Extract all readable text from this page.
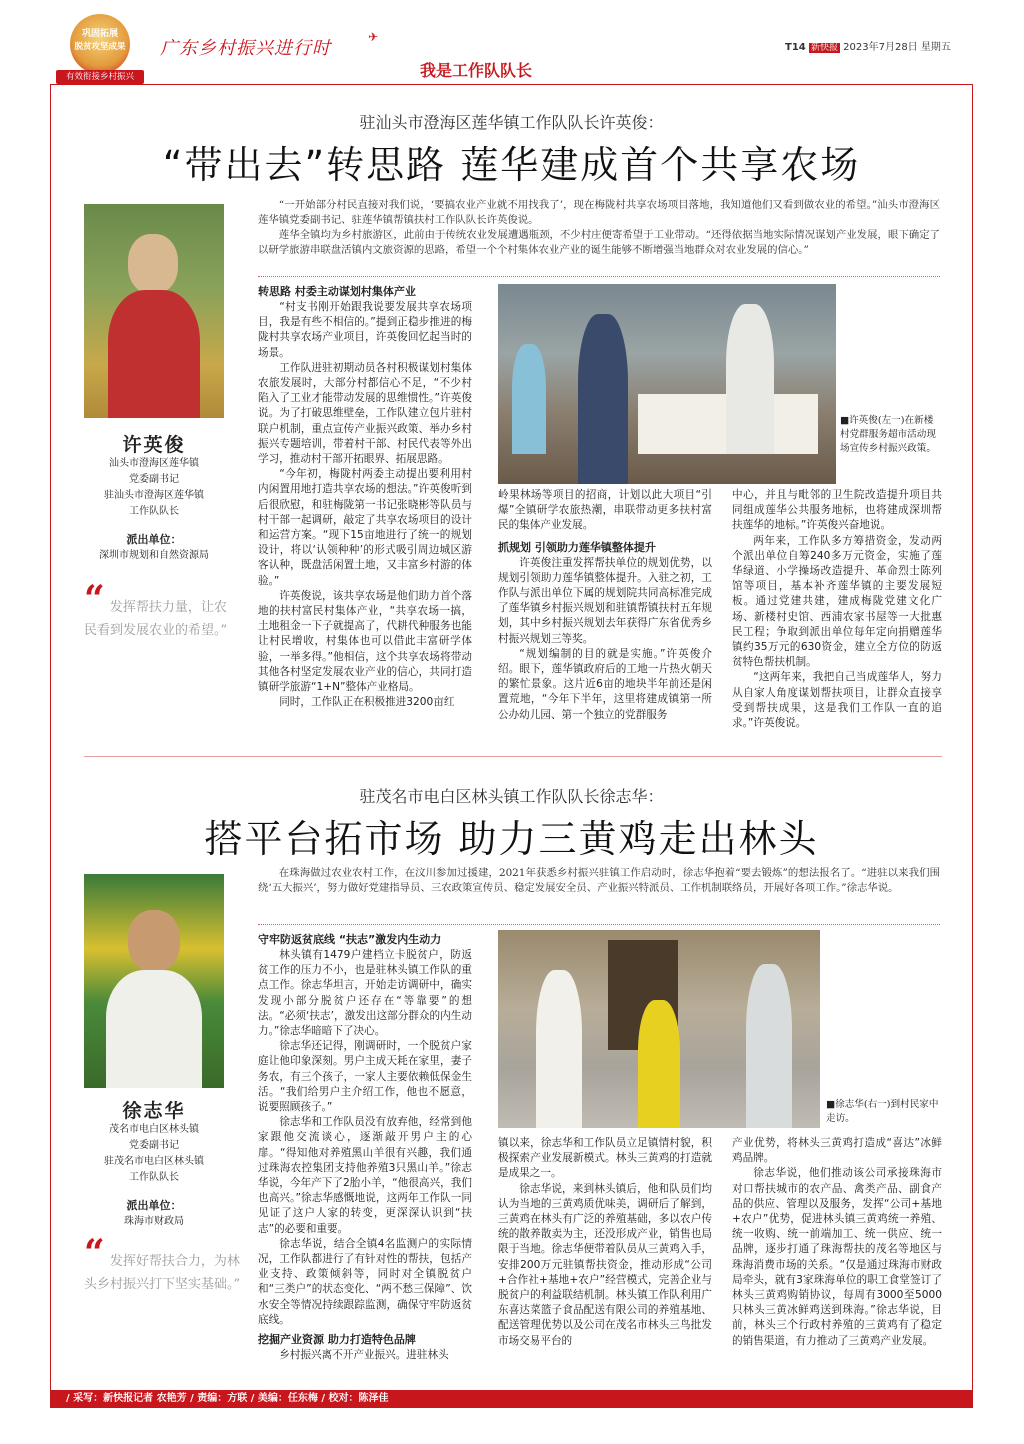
巩固拓展
脱贫攻坚成果
有效衔接乡村振兴
广东乡村振兴进行时
✈
我是工作队队长
T14 新快报 2023年7月28日 星期五
驻汕头市澄海区莲华镇工作队队长许英俊：
“带出去”转思路 莲华建成首个共享农场
许英俊
汕头市澄海区莲华镇
党委副书记
驻汕头市澄海区莲华镇
工作队队长
派出单位：
深圳市规划和自然资源局
“ 发挥帮扶力量，让农民看到发展农业的希望。”

“一开始部分村民直接对我们说，‘要搞农业产业就不用找我了’，现在梅陇村共享农场项目落地，我知道他们又看到做农业的希望。”汕头市澄海区莲华镇党委副书记、驻莲华镇帮镇扶村工作队队长许英俊说。

莲华全镇均为乡村旅游区，此前由于传统农业发展遭遇瓶颈，不少村庄便寄希望于工业带动。“还得依据当地实际情况谋划产业发展，眼下确定了以研学旅游串联盘活镇内文旅资源的思路，希望一个个村集体农业产业的诞生能够不断增强当地群众对农业发展的信心。”

转思路 村委主动谋划村集体产业

“村支书刚开始跟我说要发展共享农场项目，我是有些不相信的。”提到正稳步推进的梅陇村共享农场产业项目，许英俊回忆起当时的场景。

工作队进驻初期动员各村积极谋划村集体农旅发展时，大部分村都信心不足，“不少村陷入了工业才能带动发展的思维惯性。”许英俊说。为了打破思维壁垒，工作队建立包片驻村联户机制，重点宣传产业振兴政策、举办乡村振兴专题培训，带着村干部、村民代表等外出学习，推动村干部开拓眼界、拓展思路。

“今年初，梅陇村两委主动提出要利用村内闲置用地打造共享农场的想法。”许英俊听到后很欣慰，和驻梅陇第一书记张晓彬等队员与村干部一起调研，敲定了共享农场项目的设计和运营方案。“现下15亩地进行了统一的规划设计，将以‘认领种种’的形式吸引周边城区游客认种，既盘活闲置土地，又丰富乡村游的体验。”

许英俊说，该共享农场是他们助力首个落地的扶村富民村集体产业，“共享农场一搞，土地租金一下子就提高了，代耕代种服务也能让村民增收，村集体也可以借此丰富研学体验，一举多得。”他相信，这个共享农场将带动其他各村坚定发展农业产业的信心，共同打造镇研学旅游“1+N”整体产业格局。

同时，工作队正在积极推进3200亩红

■许英俊(左一)在新楼村党群服务超市活动现场宣传乡村振兴政策。

岭果林场等项目的招商，计划以此大项目“引爆”全镇研学农旅热潮，串联带动更多扶村富民的集体产业发展。

抓规划 引领助力莲华镇整体提升

许英俊注重发挥帮扶单位的规划优势，以规划引领助力莲华镇整体提升。入驻之初，工作队与派出单位下属的规划院共同高标准完成了莲华镇乡村振兴规划和驻镇帮镇扶村五年规划，其中乡村振兴规划去年获得广东省优秀乡村振兴规划三等奖。

“规划编制的目的就是实施。”许英俊介绍。眼下，莲华镇政府后的工地一片热火朝天的繁忙景象。这片近6亩的地块半年前还是闲置荒地，“今年下半年，这里将建成镇第一所公办幼儿园、第一个独立的党群服务

中心，并且与毗邻的卫生院改造提升项目共同组成莲华公共服务地标，也将建成深圳帮扶莲华的地标。”许英俊兴奋地说。

两年来，工作队多方筹措资金，发动两个派出单位自筹240多万元资金，实施了莲华绿道、小学操场改造提升、革命烈士陈列馆等项目，基本补齐莲华镇的主要发展短板。通过党建共建，建成梅陇党建文化广场、新楼村史馆、西浦农家书屋等一大批惠民工程；争取到派出单位每年定向捐赠莲华镇约35万元的630资金，建立全方位的防返贫特色帮扶机制。

“这两年来，我把自己当成莲华人，努力从自家人角度谋划帮扶项目，让群众直接享受到帮扶成果，这是我们工作队一直的追求。”许英俊说。

驻茂名市电白区林头镇工作队队长徐志华：
搭平台拓市场 助力三黄鸡走出林头
徐志华
茂名市电白区林头镇
党委副书记
驻茂名市电白区林头镇
工作队队长
派出单位：
珠海市财政局
“ 发挥好帮扶合力，为林头乡村振兴打下坚实基础。”

在珠海做过农业农村工作，在汶川参加过援建，2021年获悉乡村振兴驻镇工作启动时，徐志华抱着“要去锻炼”的想法报名了。“进驻以来我们围绕‘五大振兴’，努力做好党建指导员、三农政策宣传员、稳定发展安全员、产业振兴特派员、工作机制联络员，开展好各项工作。”徐志华说。

守牢防返贫底线 “扶志”激发内生动力

林头镇有1479户建档立卡脱贫户，防返贫工作的压力不小，也是驻林头镇工作队的重点工作。徐志华坦言，开始走访调研中，确实发现小部分脱贫户还存在“等靠要”的想法。“必须‘扶志’，激发出这部分群众的内生动力。”徐志华暗暗下了决心。

徐志华还记得，刚调研时，一个脱贫户家庭让他印象深刻。男户主成天耗在家里，妻子务农，有三个孩子，一家人主要依赖低保金生活。“我们给男户主介绍工作，他也不愿意，说要照顾孩子。”

徐志华和工作队员没有放弃他，经常到他家跟他交流谈心，逐渐敲开男户主的心扉。“得知他对养殖黑山羊很有兴趣，我们通过珠海农控集团支持他养殖3只黑山羊。”徐志华说，今年产下了2胎小羊，“他很高兴，我们也高兴。”徐志华感慨地说，这两年工作队一同见证了这户人家的转变，更深深认识到“扶志”的必要和重要。

徐志华说，结合全镇4名监测户的实际情况，工作队都进行了有针对性的帮扶，包括产业支持、政策倾斜等，同时对全镇脱贫户和“三类户”的状态变化、“两不愁三保障”、饮水安全等情况持续跟踪监测，确保守牢防返贫底线。

挖掘产业资源 助力打造特色品牌

乡村振兴离不开产业振兴。进驻林头

■徐志华(右一)到村民家中走访。

镇以来，徐志华和工作队员立足镇情村貌，积极探索产业发展新模式。林头三黄鸡的打造就是成果之一。

徐志华说，来到林头镇后，他和队员们均认为当地的三黄鸡质优味美，调研后了解到，三黄鸡在林头有广泛的养殖基础，多以农户传统的散养散卖为主，还没形成产业，销售也局限于当地。徐志华便带着队员从三黄鸡入手，安排200万元驻镇帮扶资金，推动形成“公司+合作社+基地+农户”经营模式，完善企业与脱贫户的利益联结机制。林头镇工作队利用广东喜达菜篮子食品配送有限公司的养殖基地、配送管理优势以及公司在茂名市林头三鸟批发市场交易平台的

产业优势，将林头三黄鸡打造成“喜达”冰鲜鸡品牌。

徐志华说，他们推动该公司承接珠海市对口帮扶城市的农产品、禽类产品、副食产品的供应、管理以及服务，发挥“公司+基地+农户”优势，促进林头镇三黄鸡统一养殖、统一收购、统一前端加工、统一供应、统一品牌，逐步打通了珠海帮扶的茂名等地区与珠海消费市场的关系。“仅是通过珠海市财政局牵头，就有3家珠海单位的职工食堂签订了林头三黄鸡购销协议，每周有3000至5000只林头三黄冰鲜鸡送到珠海。”徐志华说，目前，林头三个行政村养殖的三黄鸡有了稳定的销售渠道，有力推动了三黄鸡产业发展。

/ 采写：新快报记者 农艳芳 / 责编：方联 / 美编：任东梅 / 校对：陈泽佳
